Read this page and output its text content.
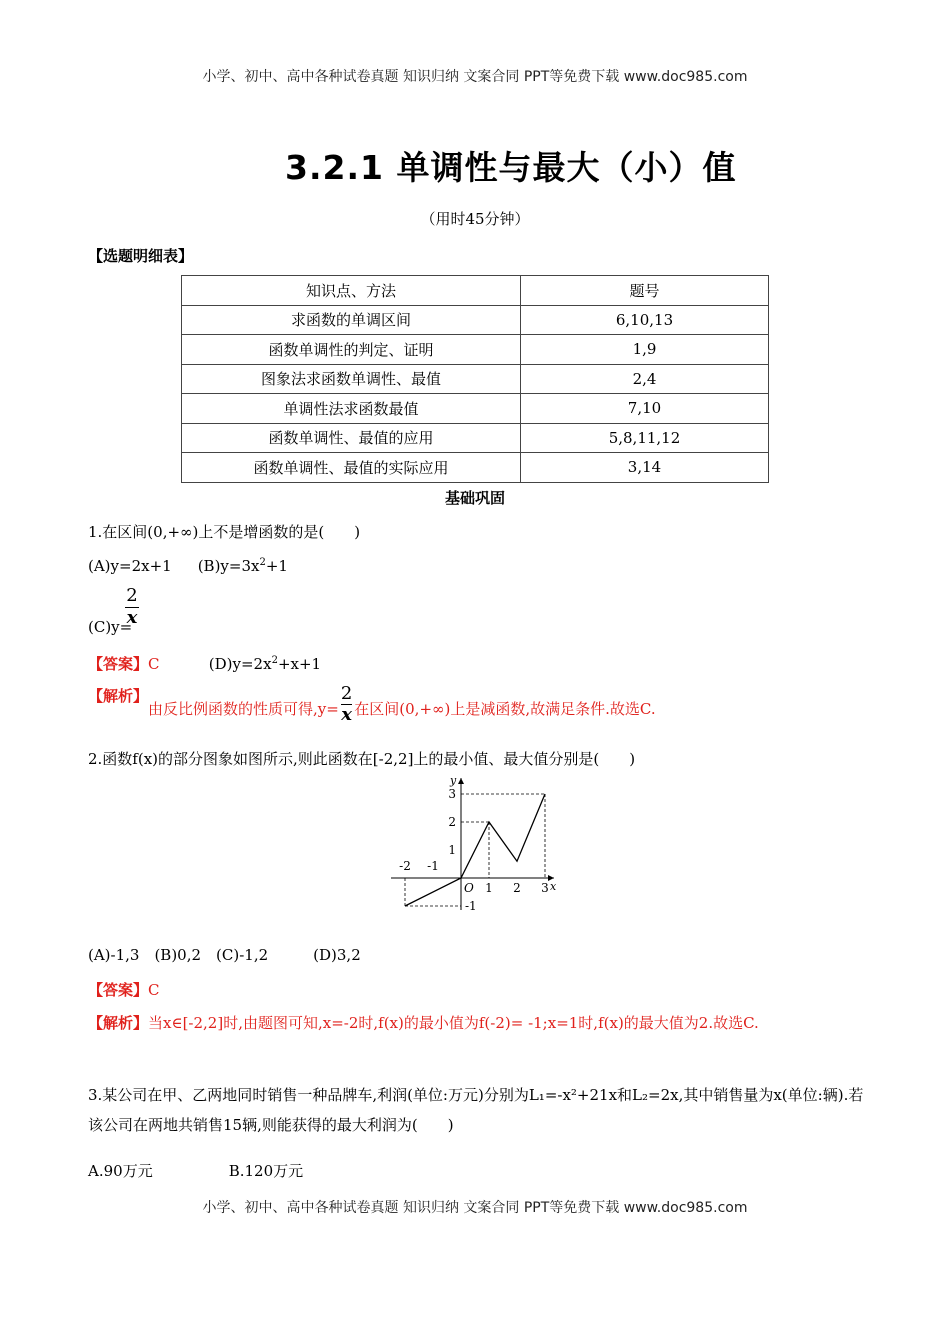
小学、初中、高中各种试卷真题 知识归纳 文案合同 PPT等免费下载 www.doc985.com
3.2.1 单调性与最大（小）值
（用时45分钟）
【选题明细表】
知识点、方法	题号
求函数的单调区间	6,10,13
函数单调性的判定、证明	1,9
图象法求函数单调性、最值	2,4
单调性法求函数最值	7,10
函数单调性、最值的应用	5,8,11,12
函数单调性、最值的实际应用	3,14
基础巩固
1.在区间(0,+∞)上不是增函数的是(　　)
(A)y=2x+1 $(B)y=3x^2+1$
(C)y=
2
x
$(D)y=2x^2+x+1$
【答案】C
【解析】由反比例函数的性质可得$,y= \frac{2}{x}$ 在区间(0,+∞)上是减函数,故满足条件.故选C.
2.函数f(x)的部分图象如图所示,则此函数在[-2,2]上的最小值、最大值分别是(　　)
-2 -1
1 2 3
3
2
1
-1
O	x
y
(A)-1,3　(B)0,2　(C)-1,2　　　(D)3,2
【答案】C
【解析】当x∈[-2,2]时,由题图可知,x=-2时,f(x)的最小值为f(-2)= -1;x=1时,f(x)的最大值为2.故选C.
3.某公司在甲、乙两地同时销售一种品牌车,利润(单位:万元)分别为L₁=-x²+21x和L₂=2x,其中销售量为x(单位:辆).若该公司在两地共销售15辆,则能获得的最大利润为(　　)
A.90万元	B.120万元
小学、初中、高中各种试卷真题 知识归纳 文案合同 PPT等免费下载 www.doc985.com
